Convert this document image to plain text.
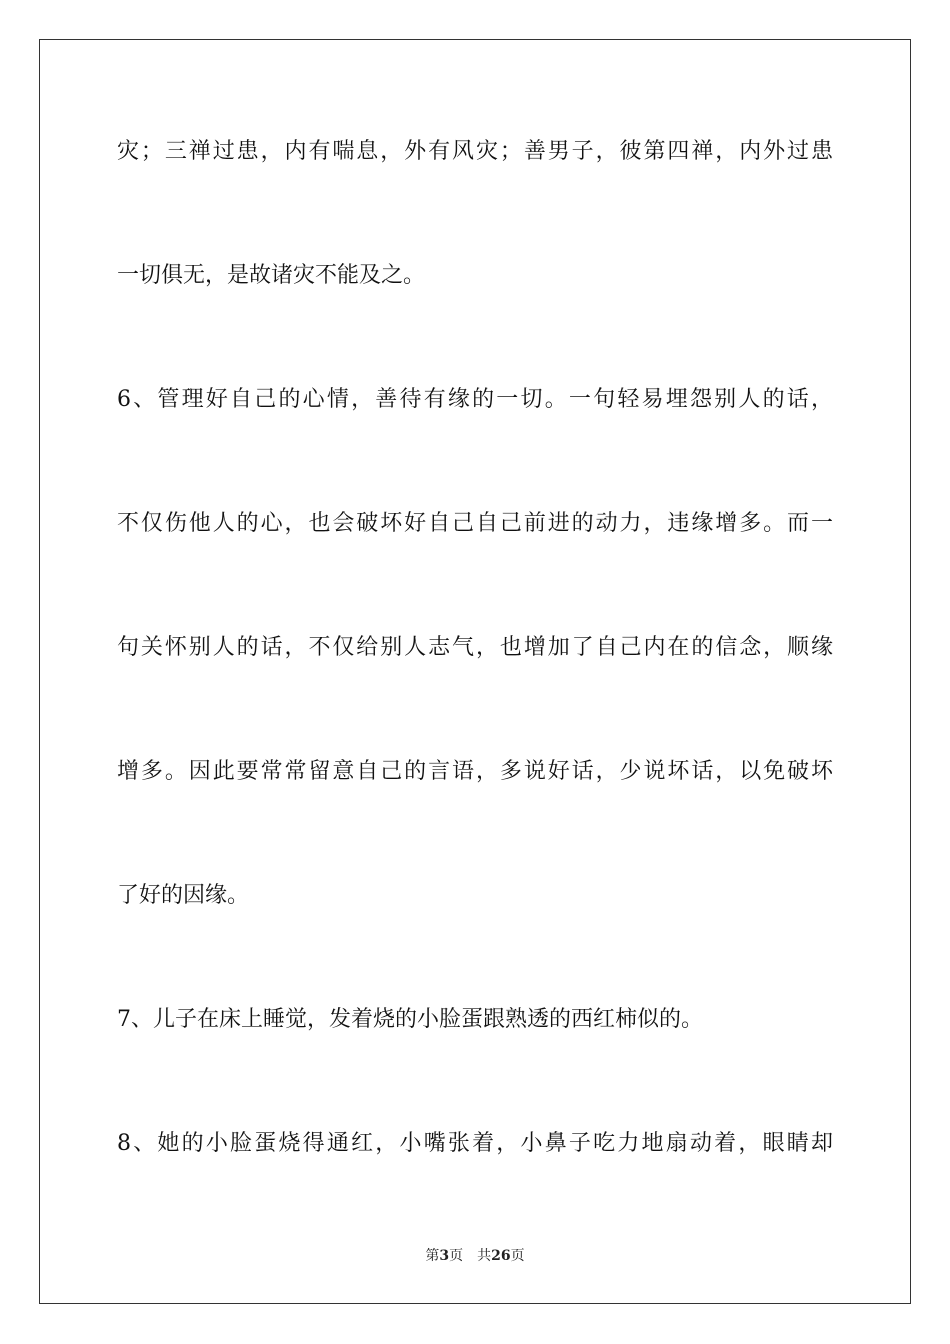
灾；三禅过患，内有喘息，外有风灾；善男子，彼第四禅，内外过患
一切俱无，是故诸灾不能及之。
6、管理好自己的心情，善待有缘的一切。一句轻易埋怨别人的话，
不仅伤他人的心，也会破坏好自己自己前进的动力，违缘增多。而一
句关怀别人的话，不仅给别人志气，也增加了自己内在的信念，顺缘
增多。因此要常常留意自己的言语，多说好话，少说坏话，以免破坏
了好的因缘。
7、儿子在床上睡觉，发着烧的小脸蛋跟熟透的西红柿似的。
8、她的小脸蛋烧得通红，小嘴张着，小鼻子吃力地扇动着，眼睛却
第3页 共26页
